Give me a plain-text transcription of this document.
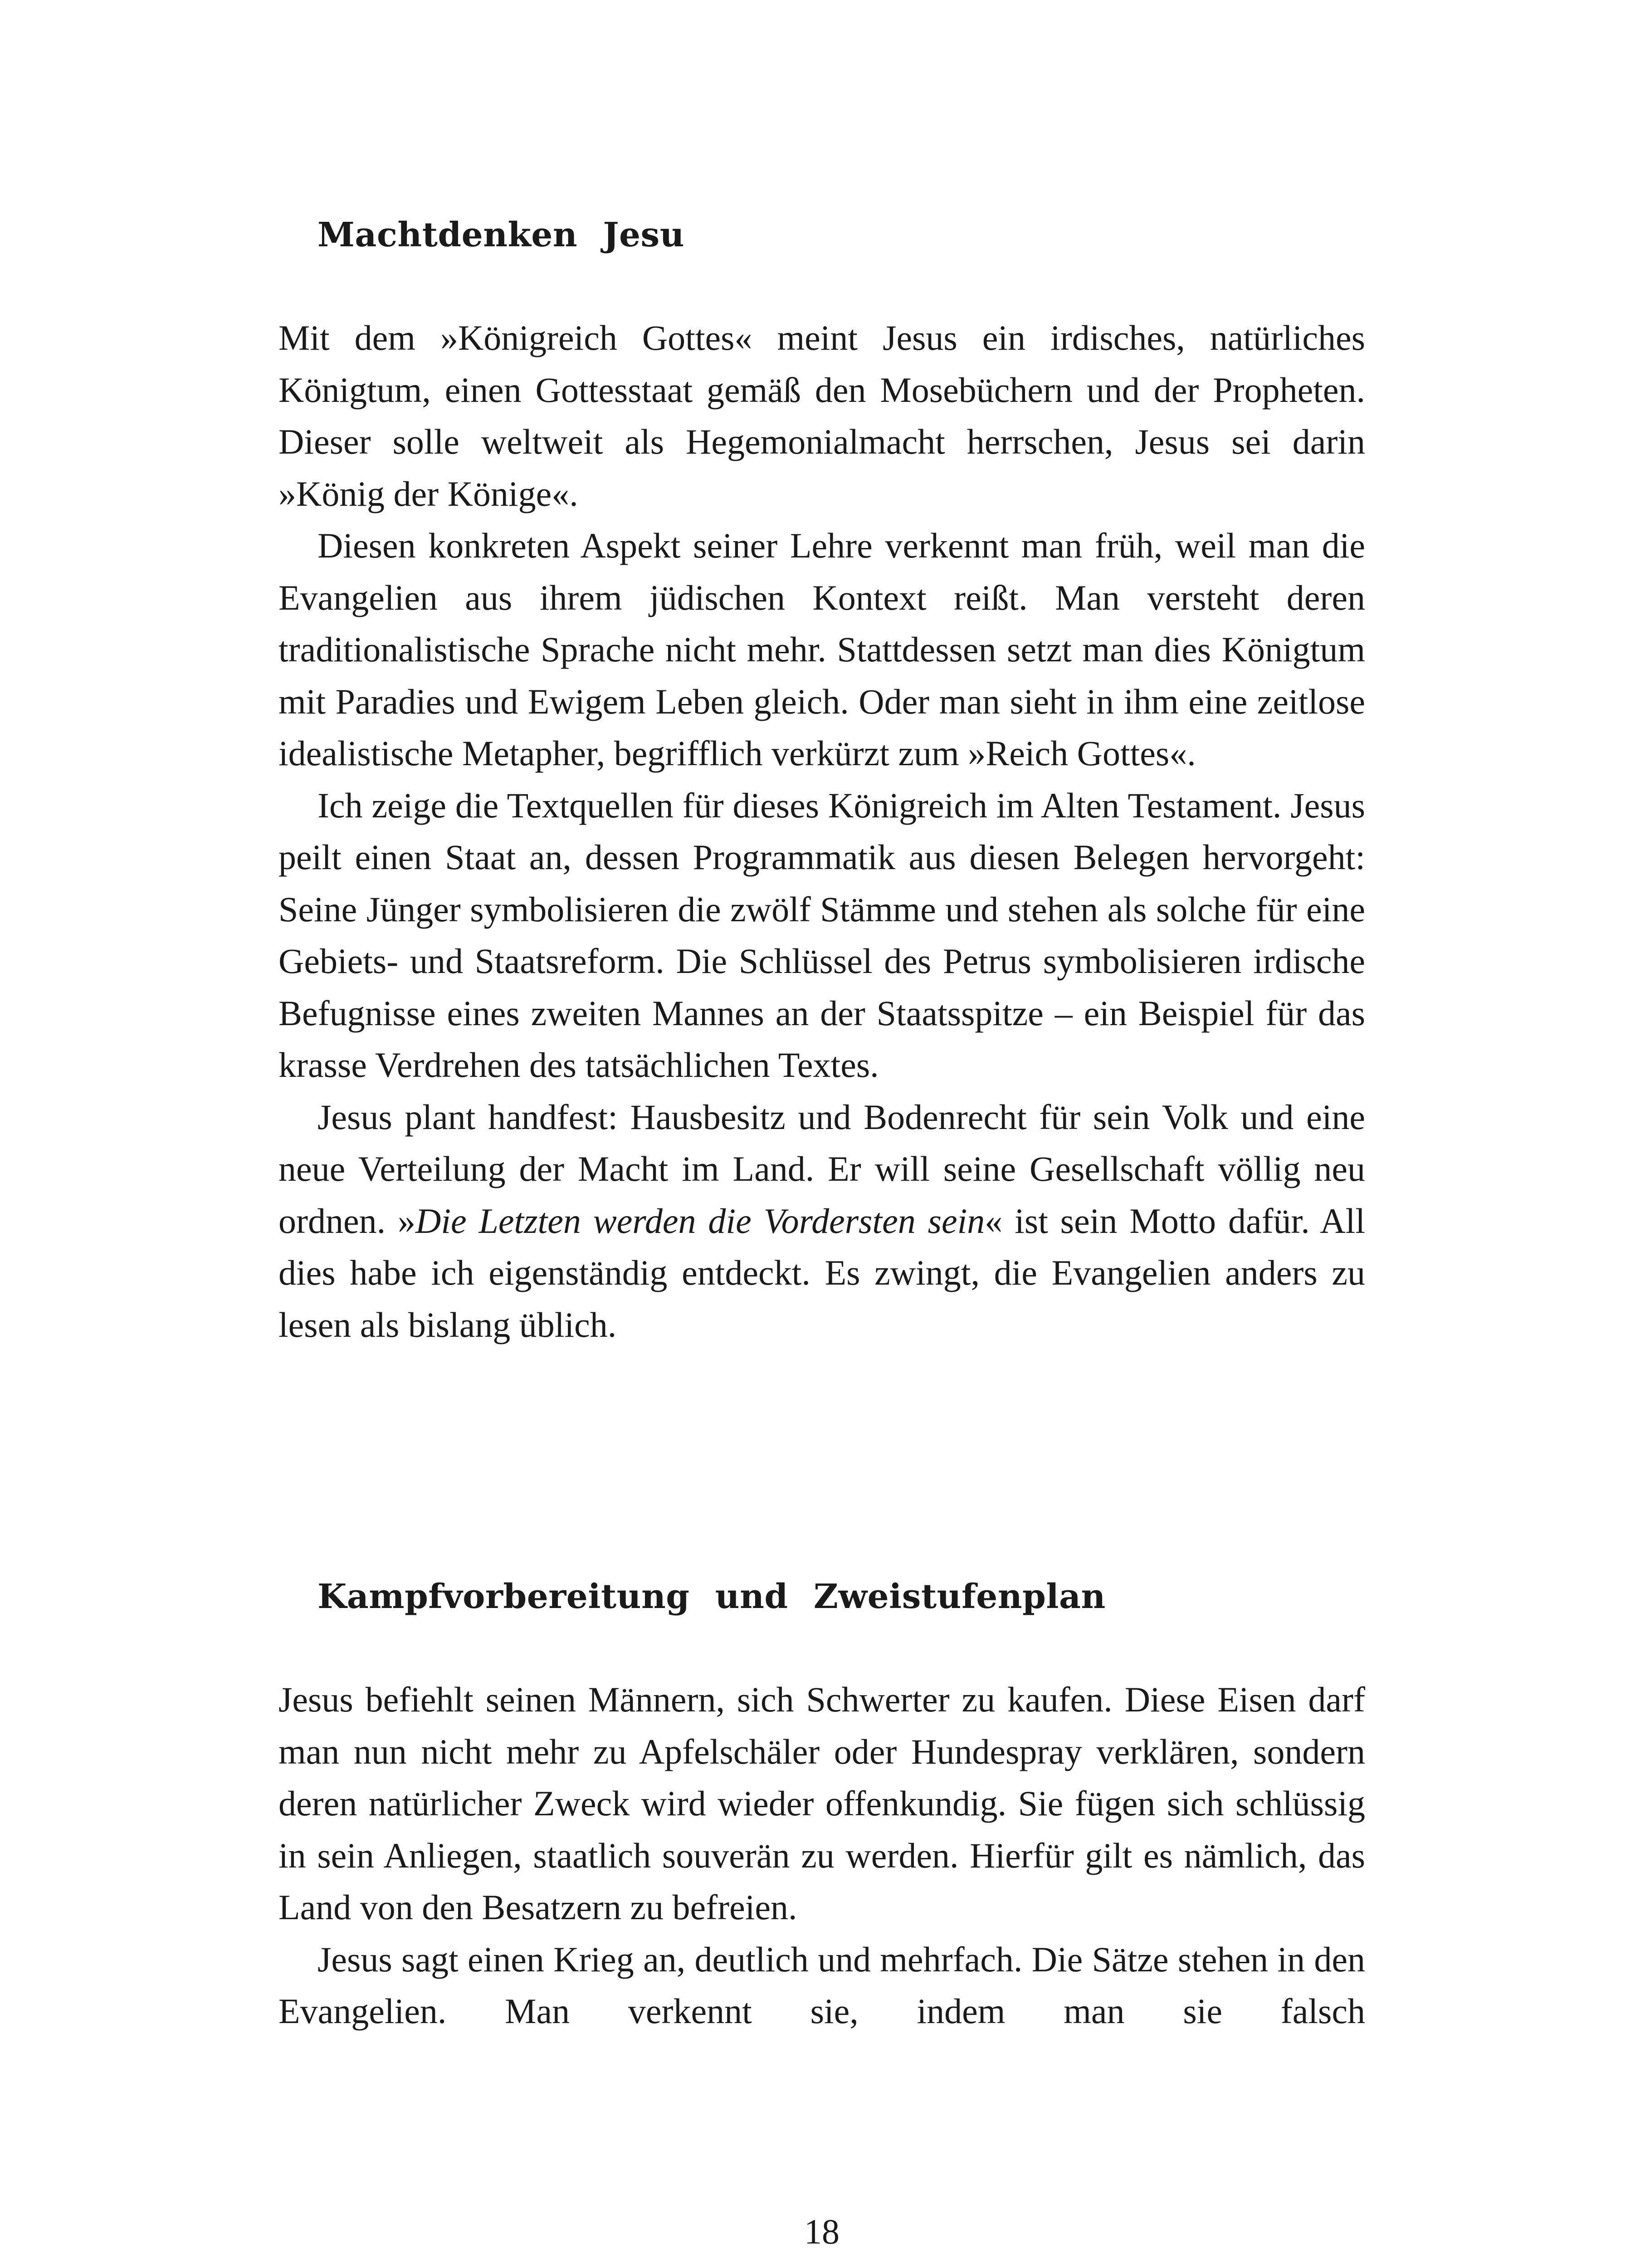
Machtdenken Jesu

Mit dem »Königreich Gottes« meint Jesus ein irdisches, natürliches Königtum, einen Gottesstaat gemäß den Mosebüchern und der Propheten. Dieser solle weltweit als Hegemonialmacht herrschen, Jesus sei darin »König der Könige«.

Diesen konkreten Aspekt seiner Lehre verkennt man früh, weil man die Evangelien aus ihrem jüdischen Kontext reißt. Man versteht deren traditionalistische Sprache nicht mehr. Stattdessen setzt man dies Königtum mit Paradies und Ewigem Leben gleich. Oder man sieht in ihm eine zeitlose idealistische Metapher, begrifflich verkürzt zum »Reich Gottes«.

Ich zeige die Textquellen für dieses Königreich im Alten Testament. Jesus peilt einen Staat an, dessen Programmatik aus diesen Belegen hervorgeht: Seine Jünger symbolisieren die zwölf Stämme und stehen als solche für eine Gebiets- und Staatsreform. Die Schlüssel des Petrus symbolisieren irdische Befugnisse eines zweiten Mannes an der Staatsspitze – ein Beispiel für das krasse Verdrehen des tatsächlichen Textes.

Jesus plant handfest: Hausbesitz und Bodenrecht für sein Volk und eine neue Verteilung der Macht im Land. Er will seine Gesellschaft völlig neu ordnen. »Die Letzten werden die Vordersten sein« ist sein Motto dafür. All dies habe ich eigenständig entdeckt. Es zwingt, die Evangelien anders zu lesen als bislang üblich.

Kampfvorbereitung und Zweistufenplan

Jesus befiehlt seinen Männern, sich Schwerter zu kaufen. Diese Eisen darf man nun nicht mehr zu Apfelschäler oder Hundespray verklären, sondern deren natürlicher Zweck wird wieder offenkundig. Sie fügen sich schlüssig in sein Anliegen, staatlich souverän zu werden. Hierfür gilt es nämlich, das Land von den Besatzern zu befreien.

Jesus sagt einen Krieg an, deutlich und mehrfach. Die Sätze stehen in den Evangelien. Man verkennt sie, indem man sie falsch

18
